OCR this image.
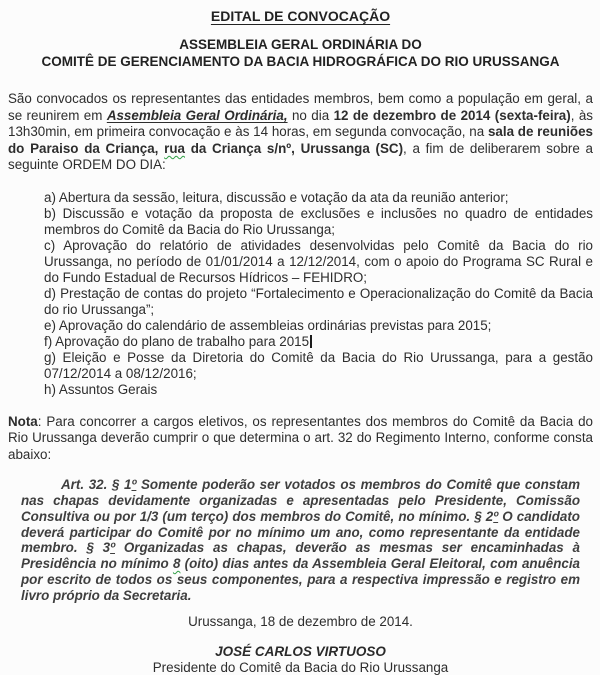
EDITAL DE CONVOCAÇÃO
ASSEMBLEIA GERAL ORDINÁRIA DO
COMITÊ DE GERENCIAMENTO DA BACIA HIDROGRÁFICA DO RIO URUSSANGA
São convocados os representantes das entidades membros, bem como a população em geral, a se reunirem em Assembleia Geral Ordinária, no dia 12 de dezembro de 2014 (sexta-feira), às 13h30min, em primeira convocação e às 14 horas, em segunda convocação, na sala de reuniões do Paraiso da Criança, rua da Criança s/nº, Urussanga (SC), a fim de deliberarem sobre a seguinte ORDEM DO DIA:
a) Abertura da sessão, leitura, discussão e votação da ata da reunião anterior;
b) Discussão e votação da proposta de exclusões e inclusões no quadro de entidades membros do Comitê da Bacia do Rio Urussanga;
c) Aprovação do relatório de atividades desenvolvidas pelo Comitê da Bacia do rio Urussanga, no período de 01/01/2014 a 12/12/2014, com o apoio do Programa SC Rural e do Fundo Estadual de Recursos Hídricos – FEHIDRO;
d) Prestação de contas do projeto “Fortalecimento e Operacionalização do Comitê da Bacia do rio Urussanga”;
e) Aprovação do calendário de assembleias ordinárias previstas para 2015;
f) Aprovação do plano de trabalho para 2015
g) Eleição e Posse da Diretoria do Comitê da Bacia do Rio Urussanga, para a gestão 07/12/2014 a 08/12/2016;
h) Assuntos Gerais
Nota: Para concorrer a cargos eletivos, os representantes dos membros do Comitê da Bacia do Rio Urussanga deverão cumprir o que determina o art. 32 do Regimento Interno, conforme consta abaixo:
Art. 32. § 1º Somente poderão ser votados os membros do Comitê que constam nas chapas devidamente organizadas e apresentadas pelo Presidente, Comissão Consultiva ou por 1/3 (um terço) dos membros do Comitê, no mínimo. § 2º O candidato deverá participar do Comitê por no mínimo um ano, como representante da entidade membro. § 3º Organizadas as chapas, deverão as mesmas ser encaminhadas à Presidência no mínimo 8 (oito) dias antes da Assembleia Geral Eleitoral, com anuência por escrito de todos os seus componentes, para a respectiva impressão e registro em livro próprio da Secretaria.
Urussanga, 18 de dezembro de 2014.
JOSÉ CARLOS VIRTUOSO
Presidente do Comitê da Bacia do Rio Urussanga
